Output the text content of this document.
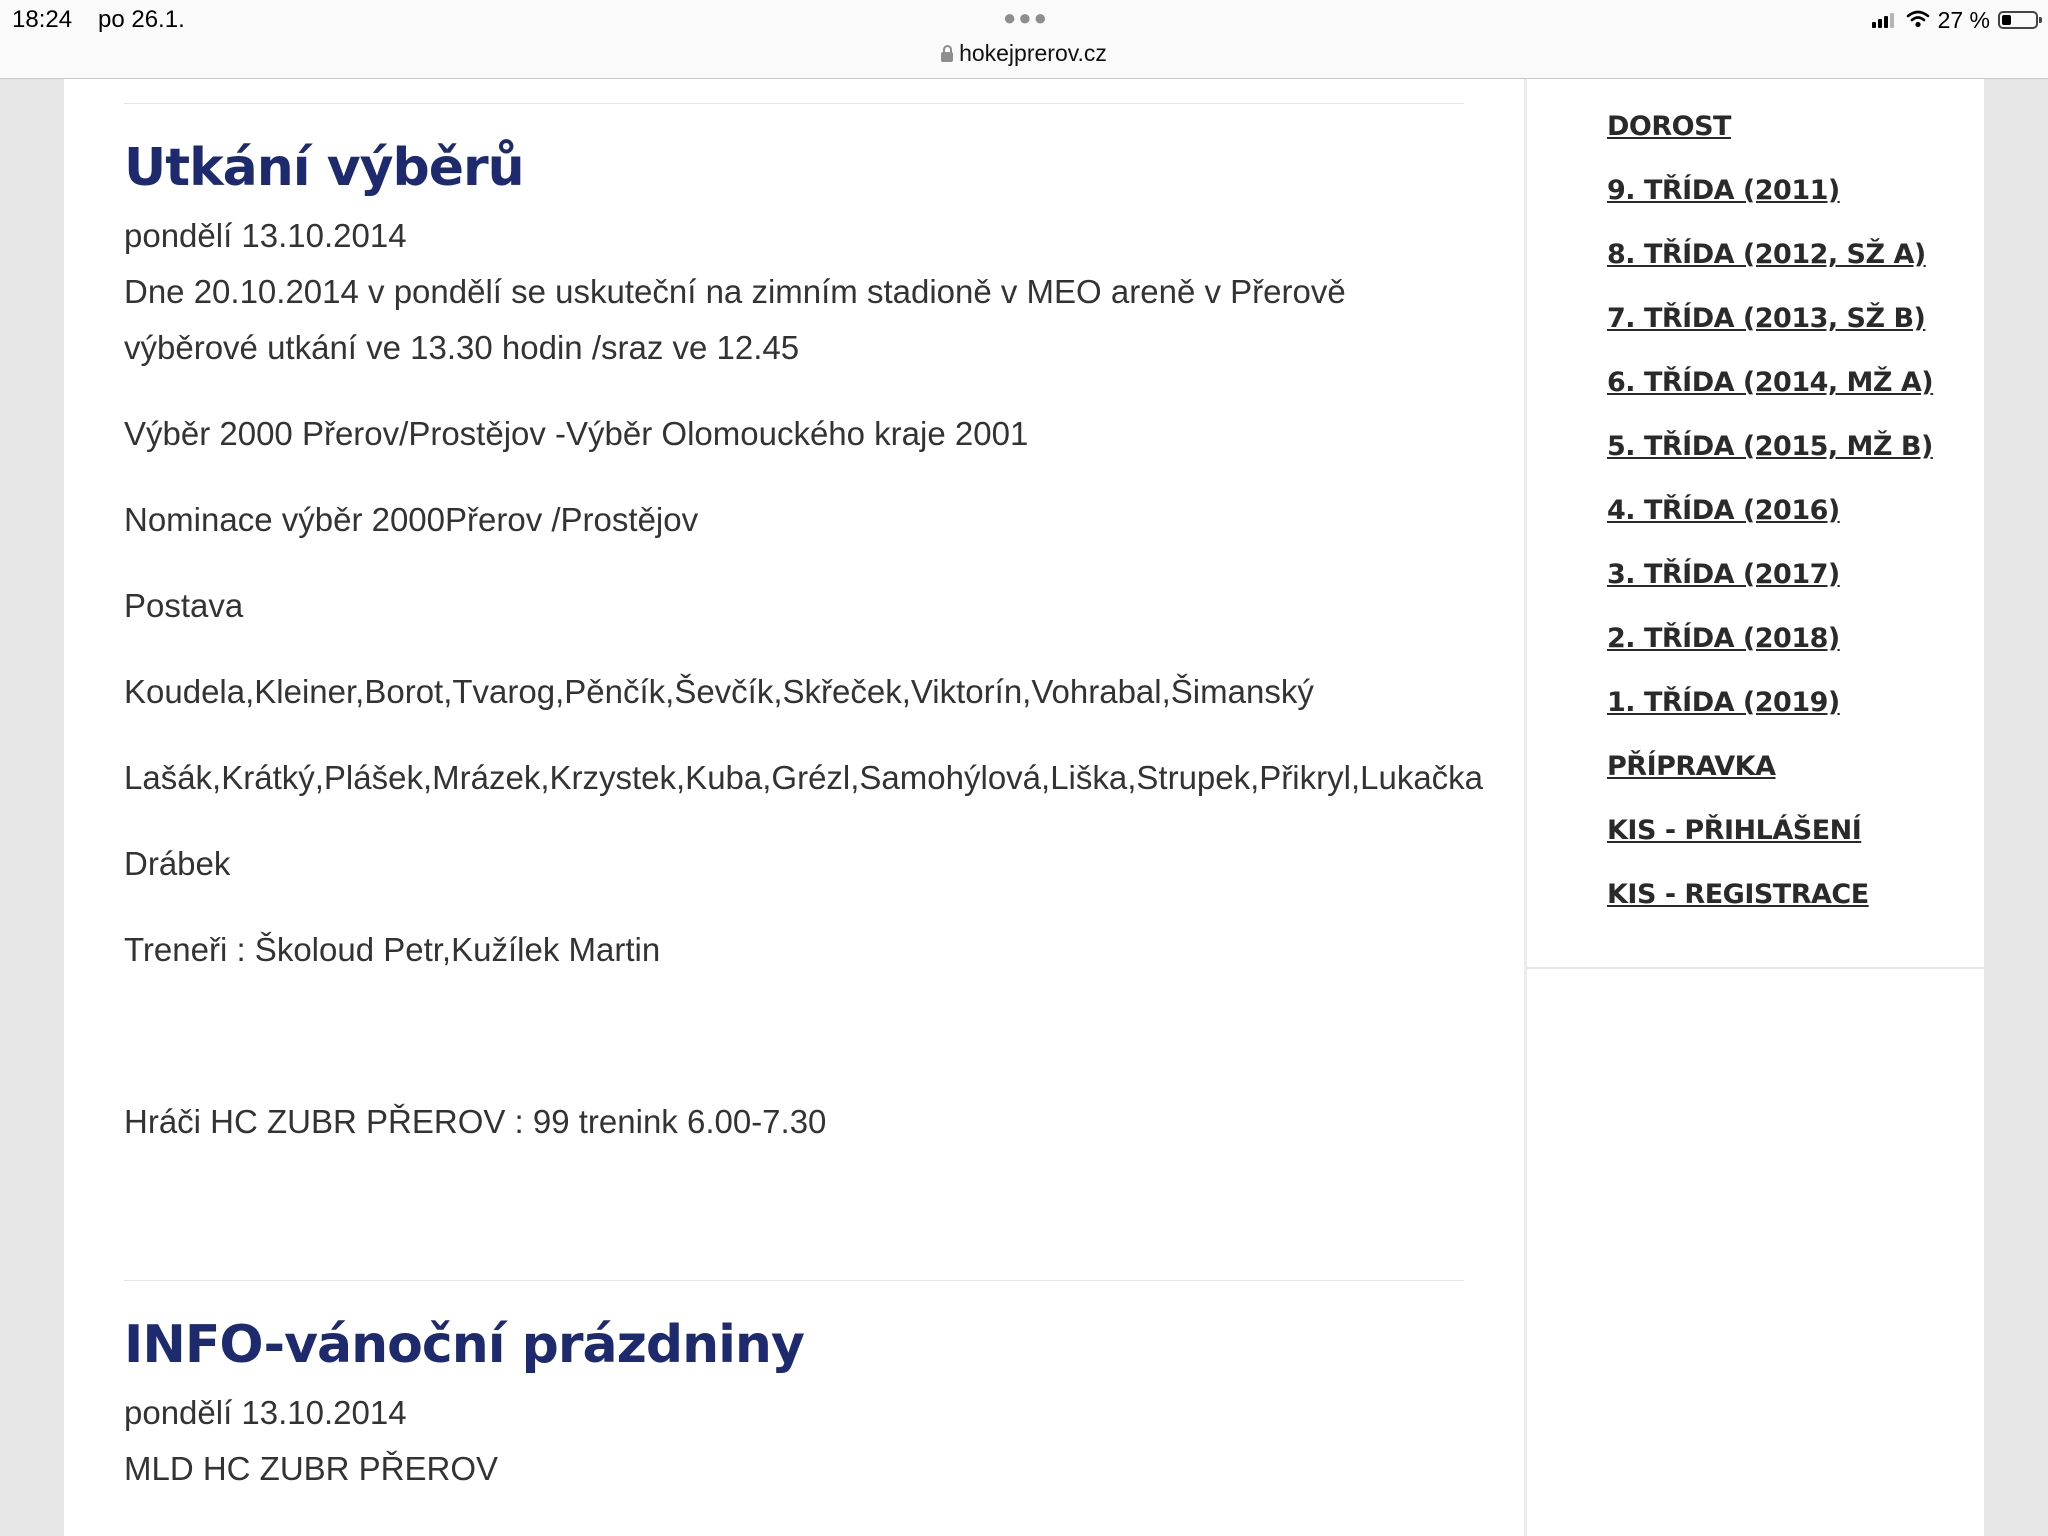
18:24 po 26.1.	●●●
hokejprerov.cz
27 %
Utkání výběrů

pondělí 13.10.2014

Dne 20.10.2014 v pondělí se uskuteční na zimním stadioně v MEO areně v Přerově

výběrové utkání ve 13.30 hodin /sraz ve 12.45

Výběr 2000 Přerov/Prostějov -Výběr Olomouckého kraje 2001

Nominace výběr 2000Přerov /Prostějov

Postava

Koudela,Kleiner,Borot,Tvarog,Pěnčík,Ševčík,Skřeček,Viktorín,Vohrabal,Šimanský

Lašák,Krátký,Plášek,Mrázek,Krzystek,Kuba,Grézl,Samohýlová,Liška,Strupek,Přikryl,Lukačka

Drábek

Treneři : Školoud Petr,Kužílek Martin

Hráči HC ZUBR PŘEROV : 99 trenink 6.00-7.30

INFO-vánoční prázdniny

pondělí 13.10.2014

MLD HC ZUBR PŘEROV

DOROST
9. TŘÍDA (2011)
8. TŘÍDA (2012, SŽ A)
7. TŘÍDA (2013, SŽ B)
6. TŘÍDA (2014, MŽ A)
5. TŘÍDA (2015, MŽ B)
4. TŘÍDA (2016)
3. TŘÍDA (2017)
2. TŘÍDA (2018)
1. TŘÍDA (2019)
PŘÍPRAVKA
KIS - PŘIHLÁŠENÍ
KIS - REGISTRACE
